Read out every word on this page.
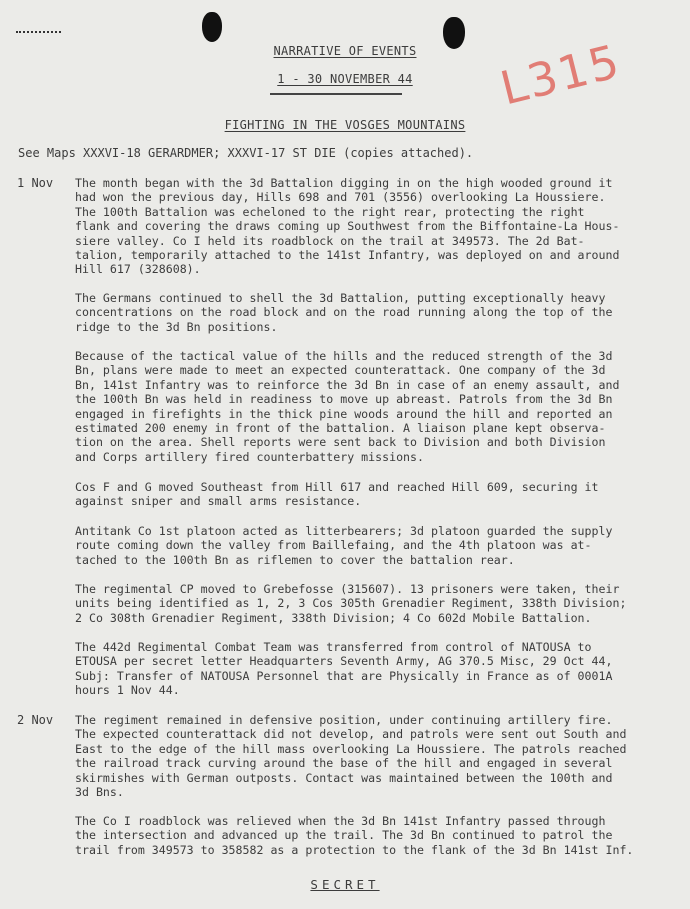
L315
NARRATIVE OF EVENTS
1 - 30 NOVEMBER 44
FIGHTING IN THE VOSGES MOUNTAINS
See Maps XXXVI-18 GERARDMER; XXXVI-17 ST DIE (copies attached).
1 Nov The month began with the 3d Battalion digging in on the high wooded ground it
had won the previous day, Hills 698 and 701 (3556) overlooking La Houssiere.
The 100th Battalion was echeloned to the right rear, protecting the right
flank and covering the draws coming up Southwest from the Biffontaine-La Hous-
siere valley. Co I held its roadblock on the trail at 349573. The 2d Bat-
talion, temporarily attached to the 141st Infantry, was deployed on and around
Hill 617 (328608).
The Germans continued to shell the 3d Battalion, putting exceptionally heavy
concentrations on the road block and on the road running along the top of the
ridge to the 3d Bn positions.
Because of the tactical value of the hills and the reduced strength of the 3d
Bn, plans were made to meet an expected counterattack. One company of the 3d
Bn, 141st Infantry was to reinforce the 3d Bn in case of an enemy assault, and
the 100th Bn was held in readiness to move up abreast. Patrols from the 3d Bn
engaged in firefights in the thick pine woods around the hill and reported an
estimated 200 enemy in front of the battalion. A liaison plane kept observa-
tion on the area. Shell reports were sent back to Division and both Division
and Corps artillery fired counterbattery missions.
Cos F and G moved Southeast from Hill 617 and reached Hill 609, securing it
against sniper and small arms resistance.
Antitank Co 1st platoon acted as litterbearers; 3d platoon guarded the supply
route coming down the valley from Baillefaing, and the 4th platoon was at-
tached to the 100th Bn as riflemen to cover the battalion rear.
The regimental CP moved to Grebefosse (315607). 13 prisoners were taken, their
units being identified as 1, 2, 3 Cos 305th Grenadier Regiment, 338th Division;
2 Co 308th Grenadier Regiment, 338th Division; 4 Co 602d Mobile Battalion.
The 442d Regimental Combat Team was transferred from control of NATOUSA to
ETOUSA per secret letter Headquarters Seventh Army, AG 370.5 Misc, 29 Oct 44,
Subj: Transfer of NATOUSA Personnel that are Physically in France as of 0001A
hours 1 Nov 44.
2 Nov The regiment remained in defensive position, under continuing artillery fire.
The expected counterattack did not develop, and patrols were sent out South and
East to the edge of the hill mass overlooking La Houssiere. The patrols reached
the railroad track curving around the base of the hill and engaged in several
skirmishes with German outposts. Contact was maintained between the 100th and
3d Bns.
The Co I roadblock was relieved when the 3d Bn 141st Infantry passed through
the intersection and advanced up the trail. The 3d Bn continued to patrol the
trail from 349573 to 358582 as a protection to the flank of the 3d Bn 141st Inf.
SECRET
